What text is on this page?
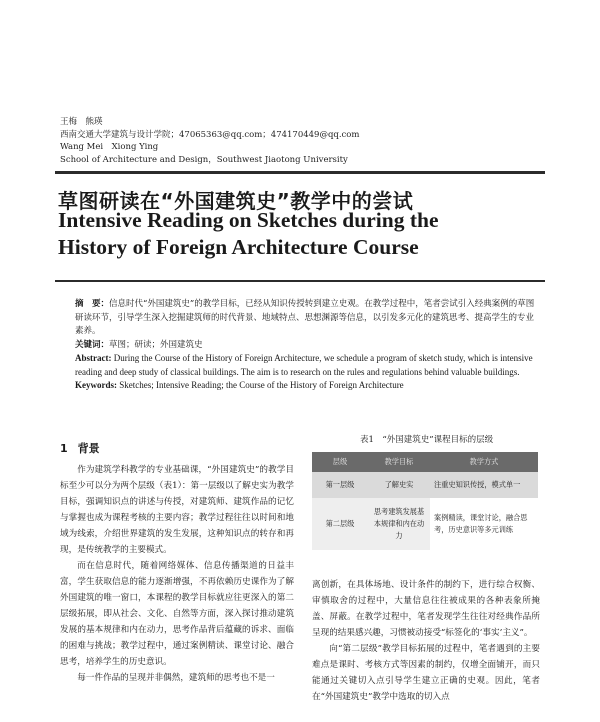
王梅　熊瑛
西南交通大学建筑与设计学院；47065363@qq.com；474170449@qq.com
Wang Mei　Xiong Ying
School of Architecture and Design，Southwest Jiaotong University
草图研读在“外国建筑史”教学中的尝试
Intensive Reading on Sketches during the
History of Foreign Architecture Course

摘　要：信息时代“外国建筑史”的教学目标，已经从知识传授转到建立史观。在教学过程中，笔者尝试引入经典案例的草图研读环节，引导学生深入挖掘建筑师的时代背景、地域特点、思想渊源等信息，以引发多元化的建筑思考、提高学生的专业素养。

关键词：草图；研读；外国建筑史

Abstract: During the Course of the History of Foreign Architecture, we schedule a program of sketch study, which is intensive reading and deep study of classical buildings. The aim is to research on the rules and regulations behind valuable buildings.

Keywords: Sketches; Intensive Reading; the Course of the History of Foreign Architecture

1 背景

作为建筑学科教学的专业基础课，“外国建筑史”的教学目标至少可以分为两个层级（表1）：第一层级以了解史实为教学目标，强调知识点的讲述与传授，对建筑师、建筑作品的记忆与掌握也成为课程考核的主要内容；教学过程往往以时间和地域为线索，介绍世界建筑的发生发展，这种知识点的转存和再现，是传统教学的主要模式。

而在信息时代，随着网络媒体、信息传播渠道的日益丰富，学生获取信息的能力逐渐增强，不再依赖历史课作为了解外国建筑的唯一窗口，本课程的教学目标就应往更深入的第二层级拓展，即从社会、文化、自然等方面，深入探讨推动建筑发展的基本规律和内在动力，思考作品背后蕴藏的诉求、面临的困难与挑战；教学过程中，通过案例精读、课堂讨论、融合思考，培养学生的历史意识。

每一件作品的呈现并非偶然，建筑师的思考也不是一

表1　“外国建筑史”课程目标的层级
层级	教学目标	教学方式
第一层级	了解史实	注重史知识传授，模式单一
第二层级	思考建筑发展基本规律和内在动力	案例精读，课堂讨论，融合思考，历史意识等多元训练

离创新，在具体场地、设计条件的制约下，进行综合权衡、审慎取舍的过程中，大量信息往往被成果的各种表象所掩盖、屏蔽。在教学过程中，笔者发现学生往往对经典作品所呈现的结果感兴趣，习惯被动接受“标签化的‘事实’主义”。

向“第二层级”教学目标拓展的过程中，笔者遇到的主要难点是课时、考核方式等因素的制约，仅增全面铺开，而只能通过关键切入点引导学生建立正确的史观。因此，笔者在“外国建筑史”教学中选取的切入点
